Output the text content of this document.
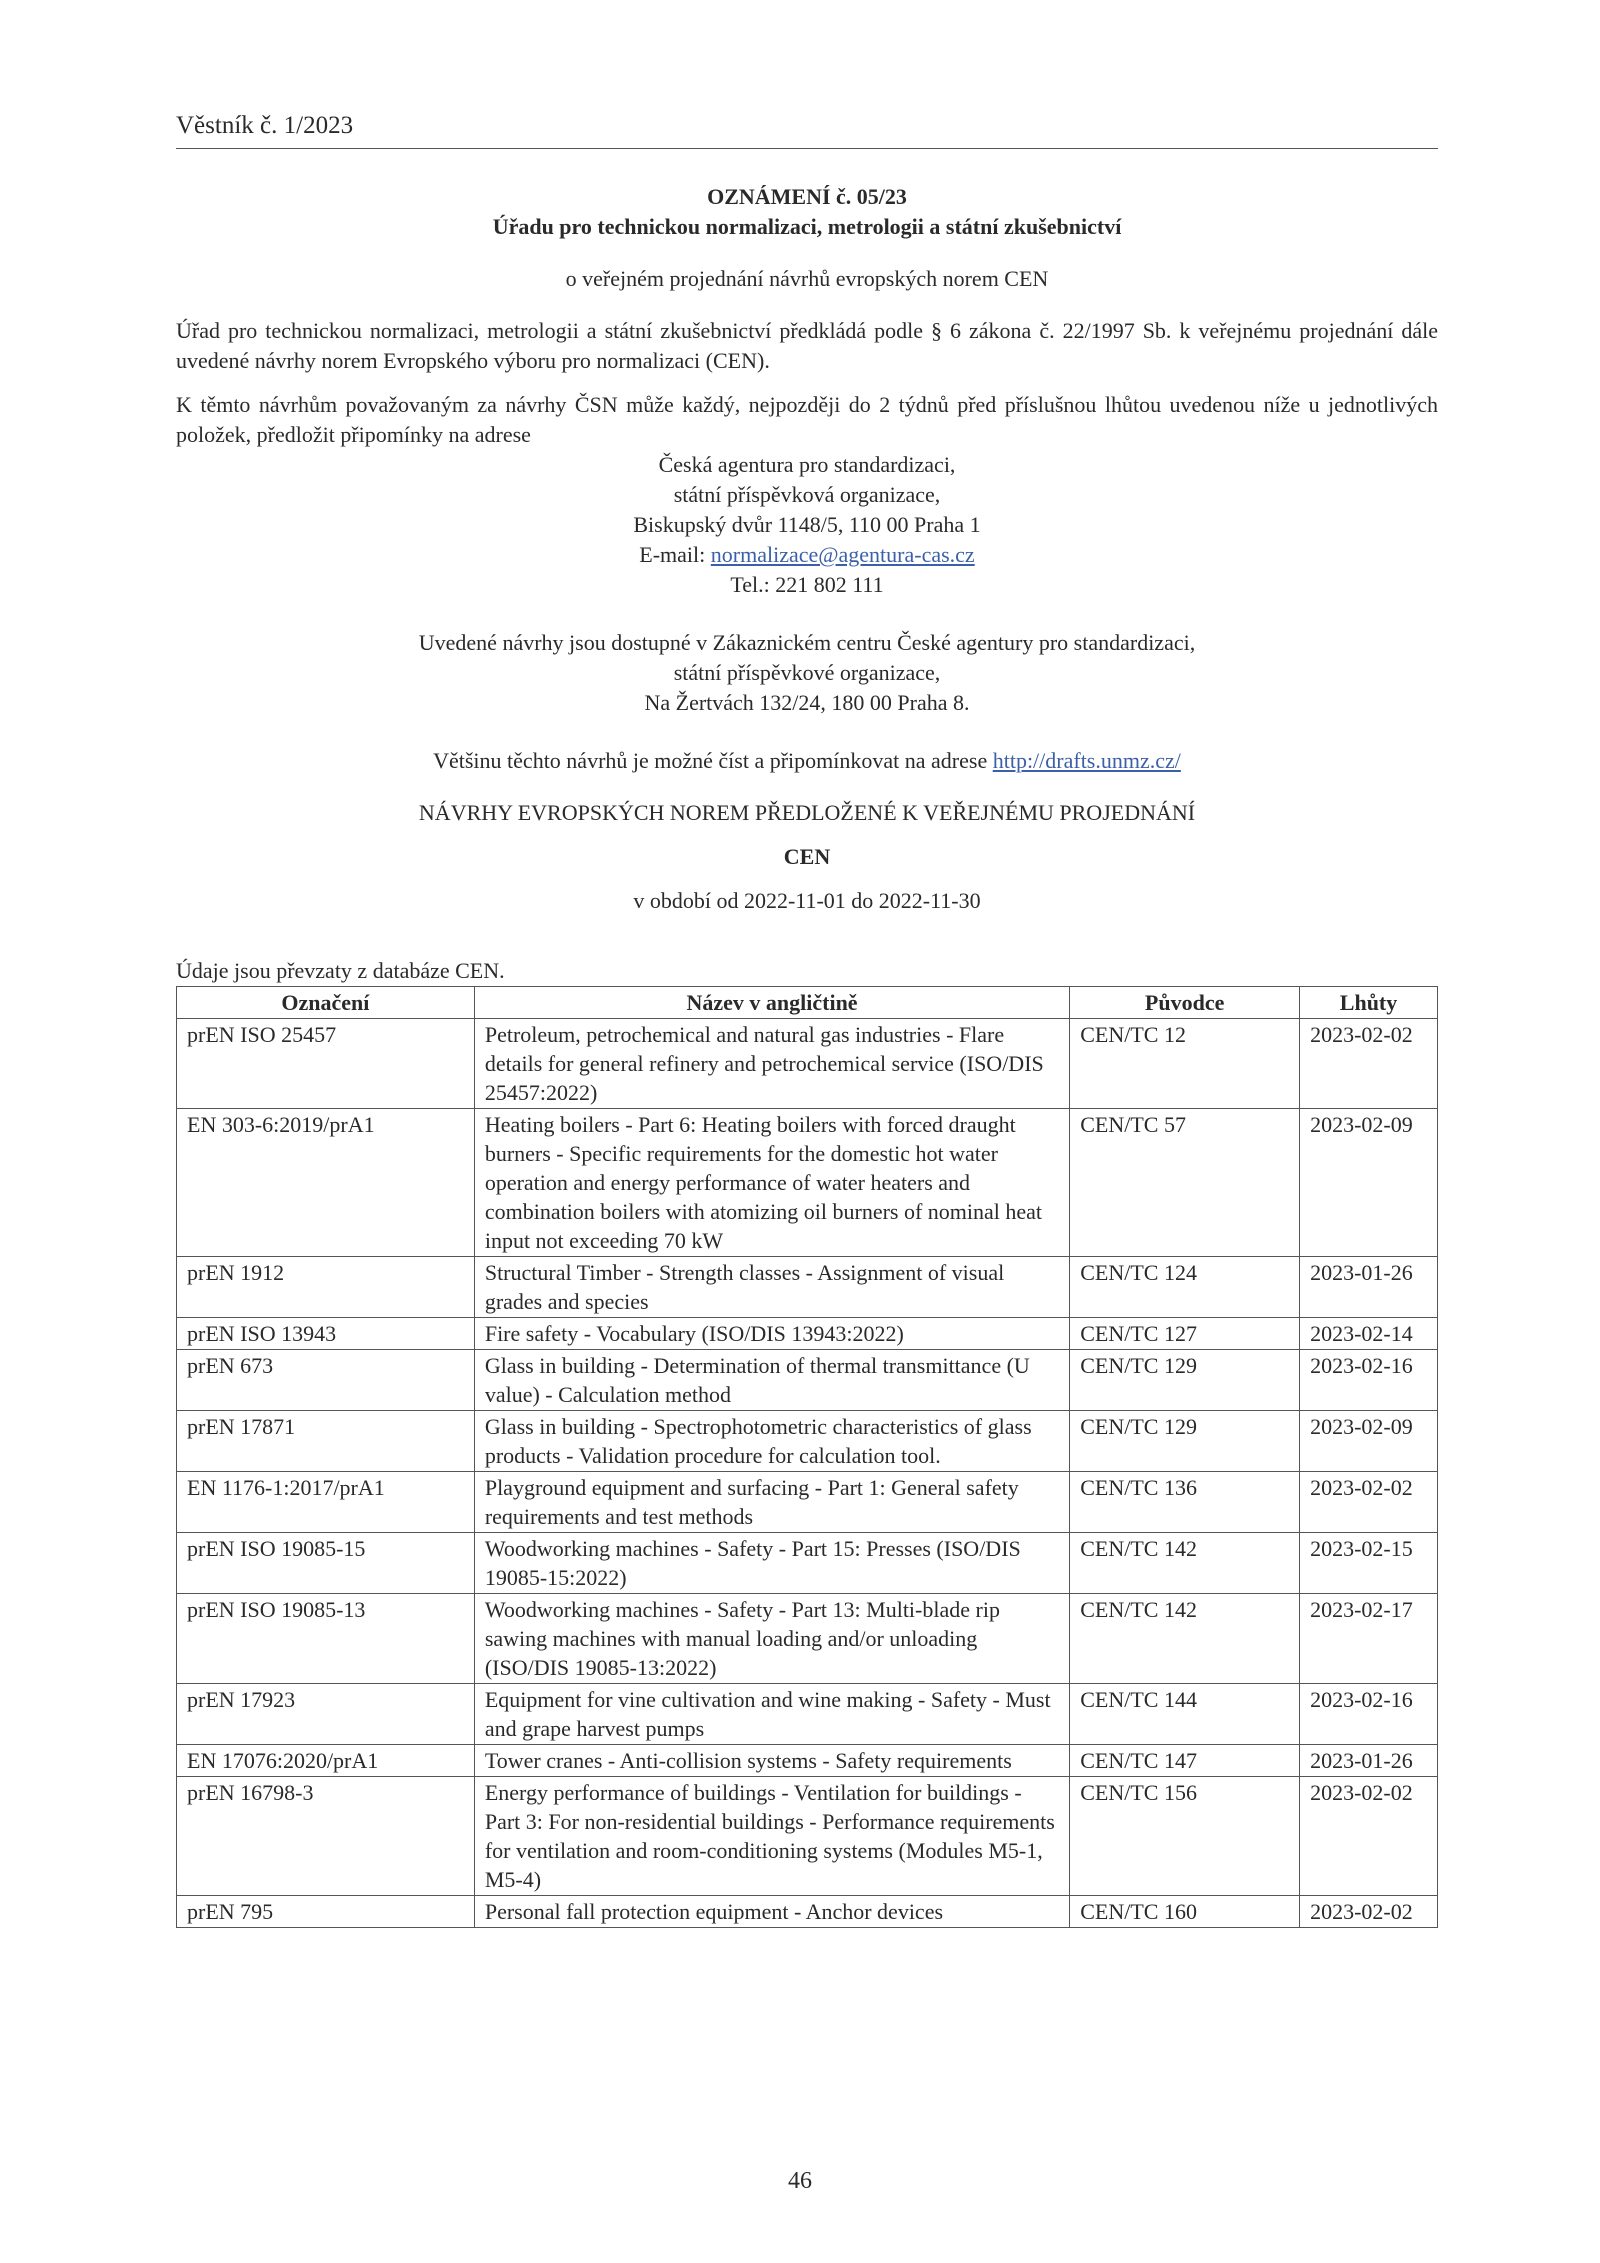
Věstník č. 1/2023
OZNÁMENÍ č. 05/23
Úřadu pro technickou normalizaci, metrologii a státní zkušebnictví
o veřejném projednání návrhů evropských norem CEN

Úřad pro technickou normalizaci, metrologii a státní zkušebnictví předkládá podle § 6 zákona č. 22/1997 Sb. k veřejnému projednání dále uvedené návrhy norem Evropského výboru pro normalizaci (CEN).

K těmto návrhům považovaným za návrhy ČSN může každý, nejpozději do 2 týdnů před příslušnou lhůtou uvedenou níže u jednotlivých položek, předložit připomínky na adrese

Česká agentura pro standardizaci,
státní příspěvková organizace,
Biskupský dvůr 1148/5, 110 00 Praha 1
E-mail: normalizace@agentura-cas.cz
Tel.: 221 802 111
Uvedené návrhy jsou dostupné v Zákaznickém centru České agentury pro standardizaci,
státní příspěvkové organizace,
Na Žertvách 132/24, 180 00 Praha 8.
Většinu těchto návrhů je možné číst a připomínkovat na adrese http://drafts.unmz.cz/
NÁVRHY EVROPSKÝCH NOREM PŘEDLOŽENÉ K VEŘEJNÉMU PROJEDNÁNÍ
CEN
v období od 2022-11-01 do 2022-11-30
Údaje jsou převzaty z databáze CEN.
Označení	Název v angličtině	Původce	Lhůty
prEN ISO 25457	Petroleum, petrochemical and natural gas industries - Flare details for general refinery and petrochemical service (ISO/DIS 25457:2022)	CEN/TC 12	2023-02-02
EN 303-6:2019/prA1	Heating boilers - Part 6: Heating boilers with forced draught burners - Specific requirements for the domestic hot water operation and energy performance of water heaters and combination boilers with atomizing oil burners of nominal heat input not exceeding 70 kW	CEN/TC 57	2023-02-09
prEN 1912	Structural Timber - Strength classes - Assignment of visual grades and species	CEN/TC 124	2023-01-26
prEN ISO 13943	Fire safety - Vocabulary (ISO/DIS 13943:2022)	CEN/TC 127	2023-02-14
prEN 673	Glass in building - Determination of thermal transmittance (U value) - Calculation method	CEN/TC 129	2023-02-16
prEN 17871	Glass in building - Spectrophotometric characteristics of glass products - Validation procedure for calculation tool.	CEN/TC 129	2023-02-09
EN 1176-1:2017/prA1	Playground equipment and surfacing - Part 1: General safety requirements and test methods	CEN/TC 136	2023-02-02
prEN ISO 19085-15	Woodworking machines - Safety - Part 15: Presses (ISO/DIS 19085-15:2022)	CEN/TC 142	2023-02-15
prEN ISO 19085-13	Woodworking machines - Safety - Part 13: Multi-blade rip sawing machines with manual loading and/or unloading (ISO/DIS 19085-13:2022)	CEN/TC 142	2023-02-17
prEN 17923	Equipment for vine cultivation and wine making - Safety - Must and grape harvest pumps	CEN/TC 144	2023-02-16
EN 17076:2020/prA1	Tower cranes - Anti-collision systems - Safety requirements	CEN/TC 147	2023-01-26
prEN 16798-3	Energy performance of buildings - Ventilation for buildings - Part 3: For non-residential buildings - Performance requirements for ventilation and room-conditioning systems (Modules M5-1, M5-4)	CEN/TC 156	2023-02-02
prEN 795	Personal fall protection equipment - Anchor devices	CEN/TC 160	2023-02-02
46
